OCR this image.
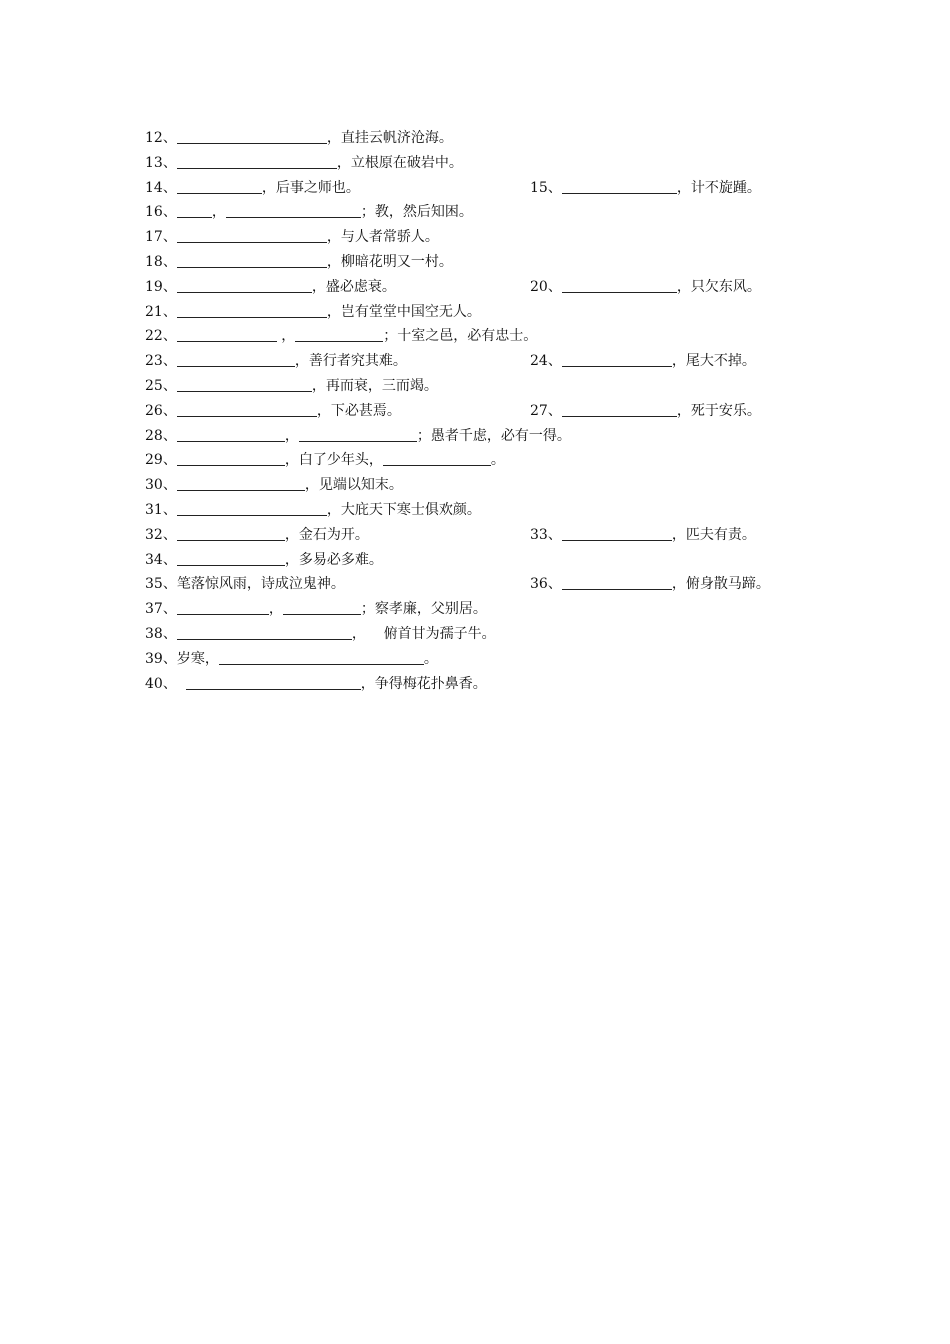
12、	，直挂云帆济沧海。
13、	，立根原在破岩中。
14、	，后事之师也。	15、	，计不旋踵。
16、	，	；教，然后知困。
17、	，与人者常骄人。
18、	，柳暗花明又一村。
19、	，盛必虑衰。	20、	，只欠东风。
21、	，岂有堂堂中国空无人。
22、	，	；十室之邑，必有忠士。
23、	，善行者究其难。	24、	，尾大不掉。
25、	，再而衰，三而竭。
26、	，下必甚焉。	27、	，死于安乐。
28、	，	；愚者千虑，必有一得。
29、	，白了少年头，	。
30、	，见端以知末。
31、	，大庇天下寒士俱欢颜。
32、	，金石为开。	33、	，匹夫有责。
34、	，多易必多难。
35、笔落惊风雨，诗成泣鬼神。	36、	，俯身散马蹄。
37、	，	；察孝廉，父别居。
38、	，    俯首甘为孺子牛。
39、岁寒，	。
40、	，争得梅花扑鼻香。
